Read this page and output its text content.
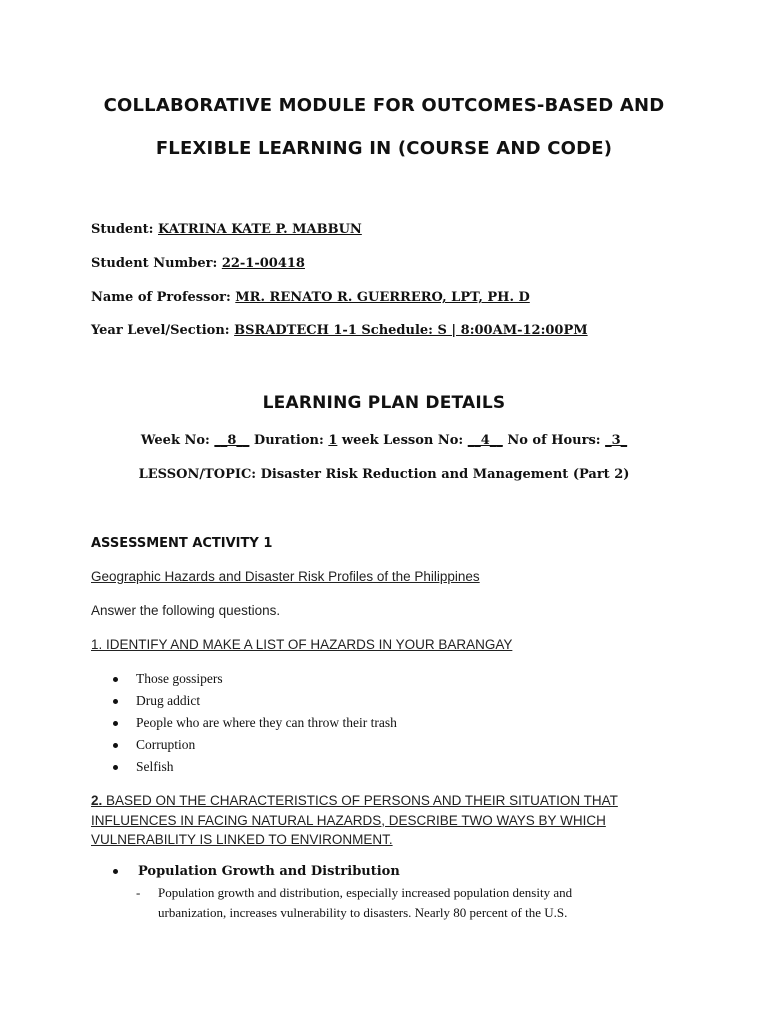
COLLABORATIVE MODULE FOR OUTCOMES-BASED AND
FLEXIBLE LEARNING IN (COURSE AND CODE)
Student: KATRINA KATE P. MABBUN
Student Number: 22-1-00418
Name of Professor: MR. RENATO R. GUERRERO, LPT, PH. D
Year Level/Section: BSRADTECH 1-1 Schedule: S | 8:00AM-12:00PM
LEARNING PLAN DETAILS
Week No: __8__ Duration: 1 week Lesson No: __4__ No of Hours: _3_
LESSON/TOPIC: Disaster Risk Reduction and Management (Part 2)
ASSESSMENT ACTIVITY 1
Geographic Hazards and Disaster Risk Profiles of the Philippines
Answer the following questions.
1. IDENTIFY AND MAKE A LIST OF HAZARDS IN YOUR BARANGAY
Those gossipers
Drug addict
People who are where they can throw their trash
Corruption
Selfish
2. BASED ON THE CHARACTERISTICS OF PERSONS AND THEIR SITUATION THAT INFLUENCES IN FACING NATURAL HAZARDS, DESCRIBE TWO WAYS BY WHICH VULNERABILITY IS LINKED TO ENVIRONMENT.
Population Growth and Distribution
-	Population growth and distribution, especially increased population density and urbanization, increases vulnerability to disasters. Nearly 80 percent of the U.S.
